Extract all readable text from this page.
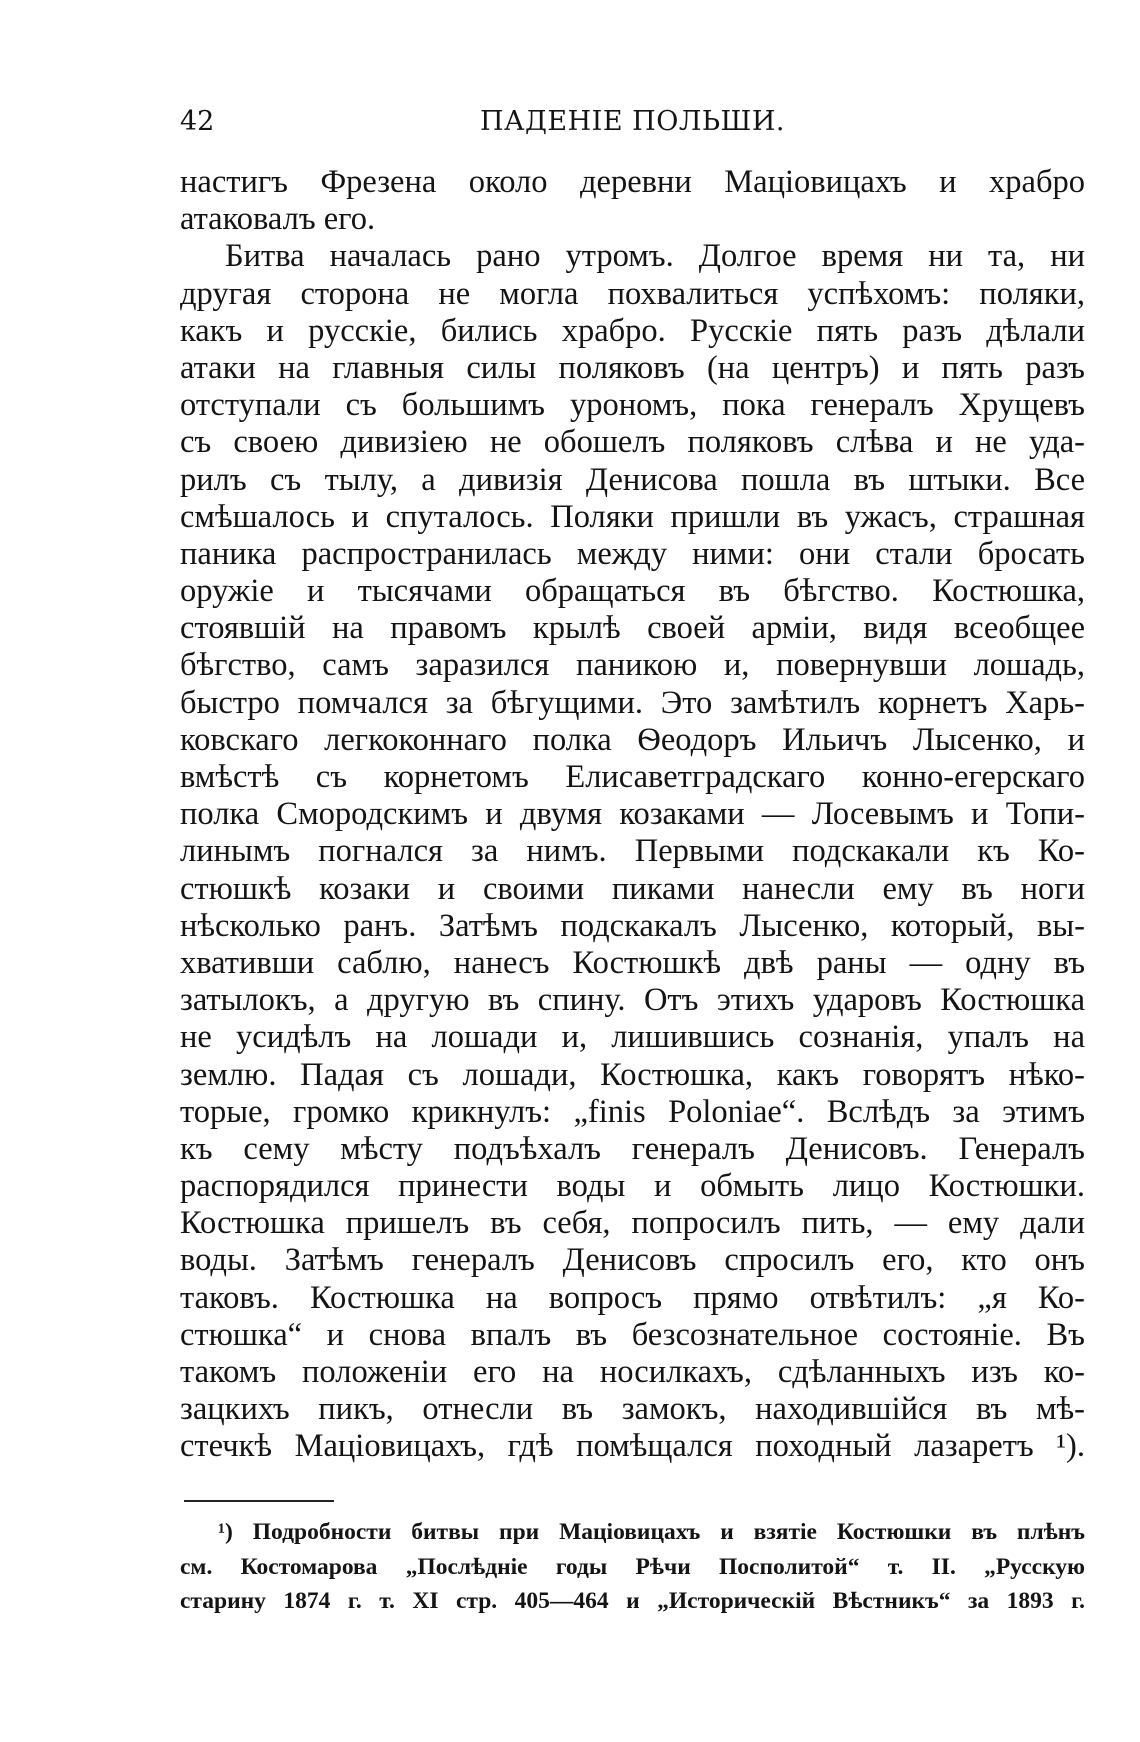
42	ПАДЕНІЕ ПОЛЬШИ.
настигъ Фрезена около деревни Маціовицахъ и храбро
атаковалъ его.
Битва началась рано утромъ. Долгое время ни та, ни
другая сторона не могла похвалиться успѣхомъ: поляки,
какъ и русскіе, бились храбро. Русскіе пять разъ дѣлали
атаки на главныя силы поляковъ (на центръ) и пять разъ
отступали съ большимъ урономъ, пока генералъ Хрущевъ
съ своею дивизіею не обошелъ поляковъ слѣва и не уда-
рилъ съ тылу, а дивизія Денисова пошла въ штыки. Все
смѣшалось и спуталось. Поляки пришли въ ужасъ, страшная
паника распространилась между ними: они стали бросать
оружіе и тысячами обращаться въ бѣгство. Костюшка,
стоявшій на правомъ крылѣ своей арміи, видя всеобщее
бѣгство, самъ заразился паникою и, повернувши лошадь,
быстро помчался за бѣгущими. Это замѣтилъ корнетъ Харь-
ковскаго легкоконнаго полка Ѳеодоръ Ильичъ Лысенко, и
вмѣстѣ съ корнетомъ Елисаветградскаго конно-егерскаго
полка Смородскимъ и двумя козаками — Лосевымъ и Топи-
линымъ погнался за нимъ. Первыми подскакали къ Ко-
стюшкѣ козаки и своими пиками нанесли ему въ ноги
нѣсколько ранъ. Затѣмъ подскакалъ Лысенко, который, вы-
хвативши саблю, нанесъ Костюшкѣ двѣ раны — одну въ
затылокъ, а другую въ спину. Отъ этихъ ударовъ Костюшка
не усидѣлъ на лошади и, лишившись сознанія, упалъ на
землю. Падая съ лошади, Костюшка, какъ говорятъ нѣко-
торые, громко крикнулъ: „finis Poloniae“. Вслѣдъ за этимъ
къ сему мѣсту подъѣхалъ генералъ Денисовъ. Генералъ
распорядился принести воды и обмыть лицо Костюшки.
Костюшка пришелъ въ себя, попросилъ пить, — ему дали
воды. Затѣмъ генералъ Денисовъ спросилъ его, кто онъ
таковъ. Костюшка на вопросъ прямо отвѣтилъ: „я Ко-
стюшка“ и снова впалъ въ безсознательное состояніе. Въ
такомъ положеніи его на носилкахъ, сдѣланныхъ изъ ко-
зацкихъ пикъ, отнесли въ замокъ, находившійся въ мѣ-
стечкѣ Маціовицахъ, гдѣ помѣщался походный лазаретъ ¹).
¹) Подробности битвы при Маціовицахъ и взятіе Костюшки въ плѣнъ
см. Костомарова „Послѣдніе годы Рѣчи Посполитой“ т. II. „Русскую
старину 1874 г. т. XI стр. 405—464 и „Историческій Вѣстникъ“ за 1893 г.
